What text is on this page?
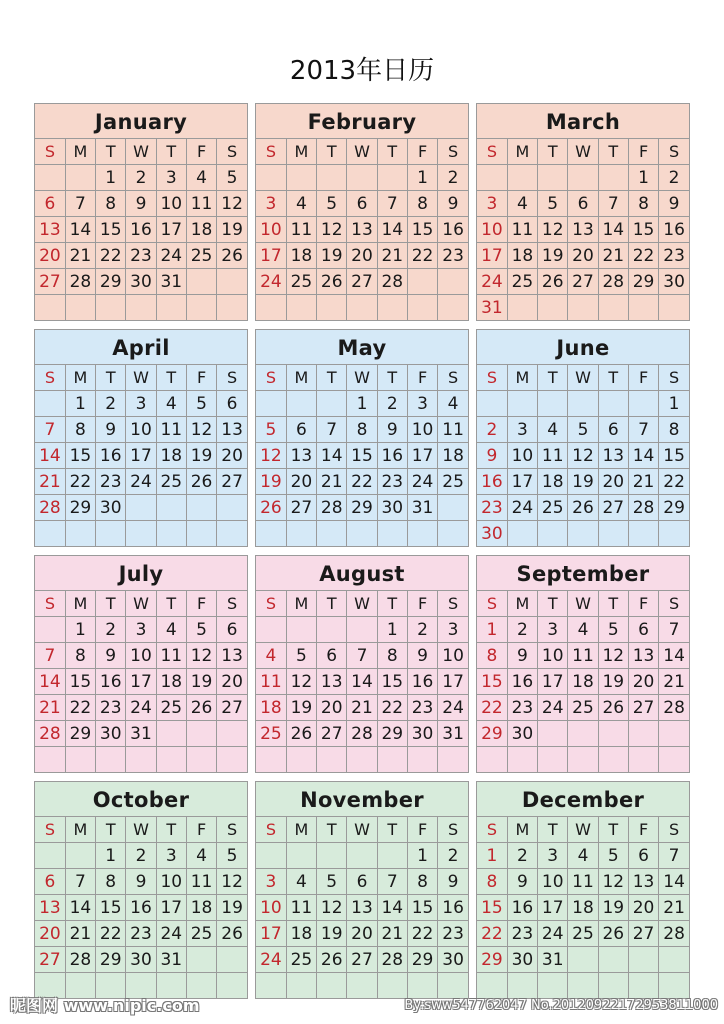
2013年日历
January
S	M	T	W	T	F	S
		1	2	3	4	5
6	7	8	9	10	11	12
13	14	15	16	17	18	19
20	21	22	23	24	25	26
27	28	29	30	31		

February
S	M	T	W	T	F	S
					1	2
3	4	5	6	7	8	9
10	11	12	13	14	15	16
17	18	19	20	21	22	23
24	25	26	27	28		

March
S	M	T	W	T	F	S
					1	2
3	4	5	6	7	8	9
10	11	12	13	14	15	16
17	18	19	20	21	22	23
24	25	26	27	28	29	30
31						
April
S	M	T	W	T	F	S
	1	2	3	4	5	6
7	8	9	10	11	12	13
14	15	16	17	18	19	20
21	22	23	24	25	26	27
28	29	30				

May
S	M	T	W	T	F	S
			1	2	3	4
5	6	7	8	9	10	11
12	13	14	15	16	17	18
19	20	21	22	23	24	25
26	27	28	29	30	31	

June
S	M	T	W	T	F	S
						1
2	3	4	5	6	7	8
9	10	11	12	13	14	15
16	17	18	19	20	21	22
23	24	25	26	27	28	29
30						
July
S	M	T	W	T	F	S
	1	2	3	4	5	6
7	8	9	10	11	12	13
14	15	16	17	18	19	20
21	22	23	24	25	26	27
28	29	30	31			

August
S	M	T	W	T	F	S
				1	2	3
4	5	6	7	8	9	10
11	12	13	14	15	16	17
18	19	20	21	22	23	24
25	26	27	28	29	30	31

September
S	M	T	W	T	F	S
1	2	3	4	5	6	7
8	9	10	11	12	13	14
15	16	17	18	19	20	21
22	23	24	25	26	27	28
29	30					

October
S	M	T	W	T	F	S
		1	2	3	4	5
6	7	8	9	10	11	12
13	14	15	16	17	18	19
20	21	22	23	24	25	26
27	28	29	30	31		

November
S	M	T	W	T	F	S
					1	2
3	4	5	6	7	8	9
10	11	12	13	14	15	16
17	18	19	20	21	22	23
24	25	26	27	28	29	30

December
S	M	T	W	T	F	S
1	2	3	4	5	6	7
8	9	10	11	12	13	14
15	16	17	18	19	20	21
22	23	24	25	26	27	28
29	30	31				

昵图网 www.nipic.com	By:sww547762047 No.20120922172953811000
